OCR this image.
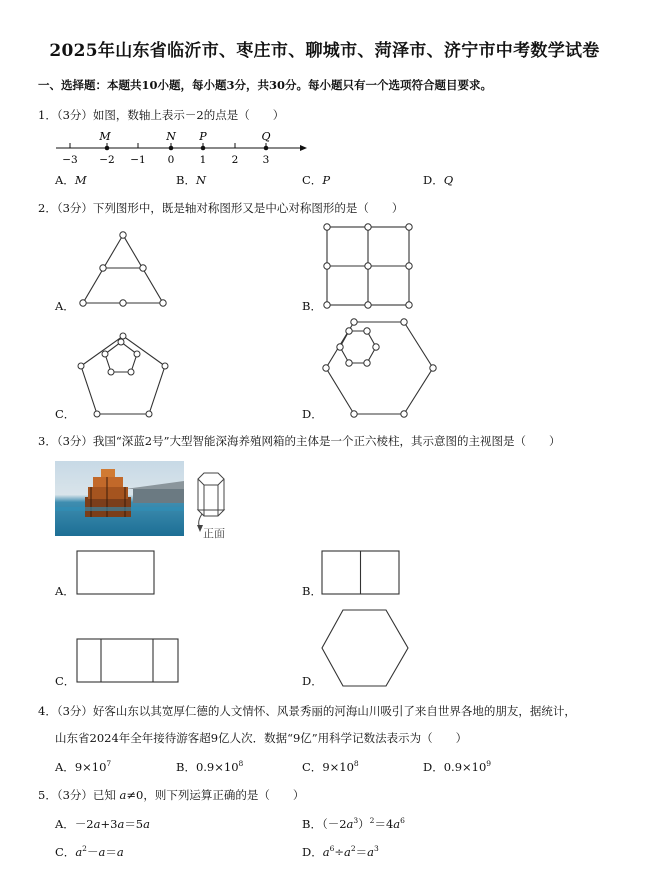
2025年山东省临沂市、枣庄市、聊城市、菏泽市、济宁市中考数学试卷
一、选择题：本题共10小题，每小题3分，共30分。每小题只有一个选项符合题目要求。
1．（3分）如图，数轴上表示－2的点是（　　）
M	N P	Q
−3 −2 −1 0 1 2 3
A．M	B．N	C．P	D．Q
2．（3分）下列图形中，既是轴对称图形又是中心对称图形的是（　　）
A．	B．
C．	D．
3．（3分）我国“深蓝2号”大型智能深海养殖网箱的主体是一个正六棱柱，其示意图的主视图是（　　）
正面
A．	B．
C．	D．
4．（3分）好客山东以其宽厚仁德的人文情怀、风景秀丽的河海山川吸引了来自世界各地的朋友，据统计，
山东省2024年全年接待游客超9亿人次．数据“9亿”用科学记数法表示为（　　）
A．$9\times 10^7$	B．$0.9\times 10^8$	C．$9\times 10^8$	D．$0.9\times 10^9$
5．（3分）已知 a≠0，则下列运算正确的是（　　）
A．－2a+3a＝5a	B．$(-2a^3)^2=4a^6$
C．$a^2-a=a$	D．$a^6\div a^2=a^3$
